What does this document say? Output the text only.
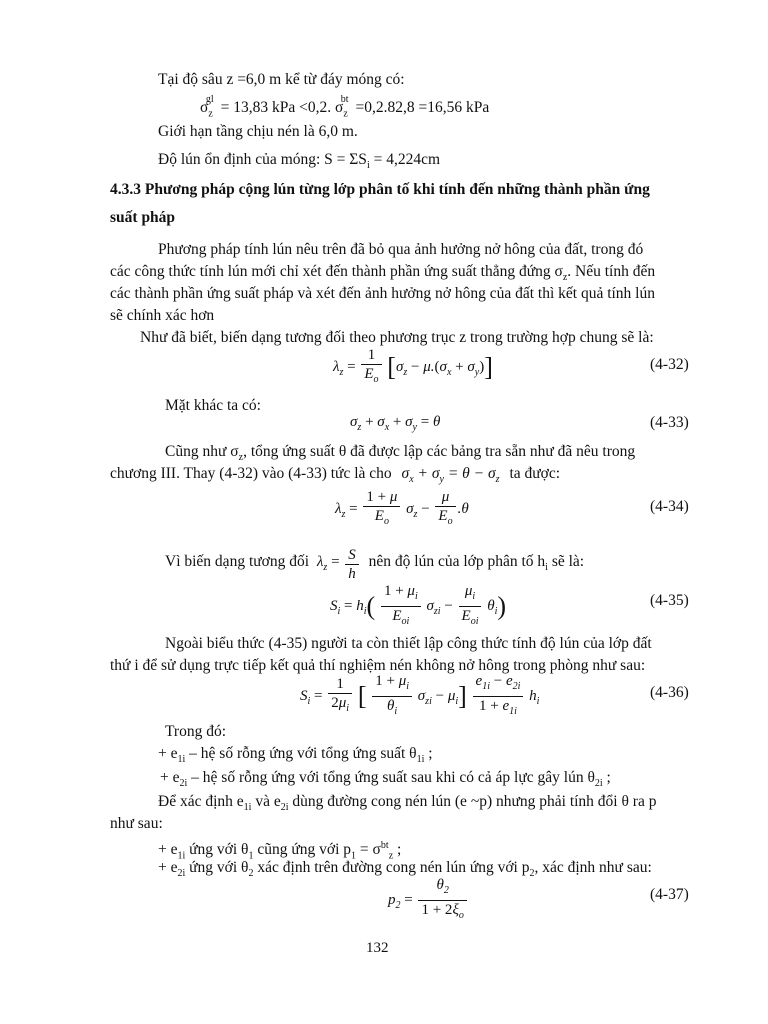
Tại độ sâu z =6,0 m kể từ đáy móng có:
$\sigma_z^{gl} = 13,83$ kPa <0,2. $\sigma_z^{bt} =0,2.82,8 =16,56$ kPa
Giới hạn tầng chịu nén là 6,0 m.
Độ lún ổn định của móng: $S = \Sigma S_i = 4,224cm$
4.3.3 Phương pháp cộng lún từng lớp phân tố khi tính đến những thành phần ứng
suất pháp
Phương pháp tính lún nêu trên đã bỏ qua ảnh hưởng nở hông của đất, trong đó
các công thức tính lún mới chỉ xét đến thành phần ứng suất thẳng đứng $\sigma_z$. Nếu tính đến
các thành phần ứng suất pháp và xét đến ảnh hưởng nở hông của đất thì kết quả tính lún
sẽ chính xác hơn
Như đã biết, biến dạng tương đối theo phương trục z trong trường hợp chung sẽ là:
$\lambda_z = \frac{1}{E_o} [\sigma_z - \mu.(\sigma_x + \sigma_y)]$	(4-32)
Mặt khác ta có:
$\sigma_z + \sigma_x + \sigma_y = \theta$	(4-33)
Cũng như $\sigma_z$, tổng ứng suất θ đã được lập các bảng tra sẵn như đã nêu trong
chương III. Thay (4-32) vào (4-33) tức là cho $\sigma_x + \sigma_y = \theta - \sigma_z$ ta được:
$\lambda_z = \frac{1 + \mu}{E_o} \sigma_z - \frac{\mu}{E_o} .\theta$	(4-34)
Vì biến dạng tương đối $\lambda_z = \frac{S}{h}$ nên độ lún của lớp phân tố $h_i$ sẽ là:
$S_i = h_i( \frac{1 + \mu_i}{E_{oi}} \sigma_{zi} - \frac{\mu_i}{E_{oi}} \theta_i)$	(4-35)
Ngoài biểu thức (4-35) người ta còn thiết lập công thức tính độ lún của lớp đất
thứ i để sử dụng trực tiếp kết quả thí nghiệm nén không nở hông trong phòng như sau:
$S_i = \frac{1}{2\mu_i}$ [ $\frac{1 + \mu_i}{\theta_i} \sigma_{zi} - \mu_i] \frac{e_{1i} - e_{2i}}{1 + e_{1i}} h_i$
(4-36)
Trong đó:
+ $e_{1i}$ – hệ số rỗng ứng với tổng ứng suất $\theta_{1i}$ ;
+ $e_{2i}$ – hệ số rỗng ứng với tổng ứng suất sau khi có cả áp lực gây lún $\theta_{2i}$ ;
Để xác định $e_{1i}$ và $e_{2i}$ dùng đường cong nén lún (e ~p) nhưng phải tính đổi θ ra p
như sau:
+ $e_{1i}$ ứng với $\theta_1$ cũng ứng với $p_1 = \sigma^{bt}_z$ ;
+ $e_{2i}$ ứng với $\theta_2$ xác định trên đường cong nén lún ứng với $p_2$, xác định như sau:
$p_2 = \frac{\theta_2}{1 + 2\xi_o}$	(4-37)
132
